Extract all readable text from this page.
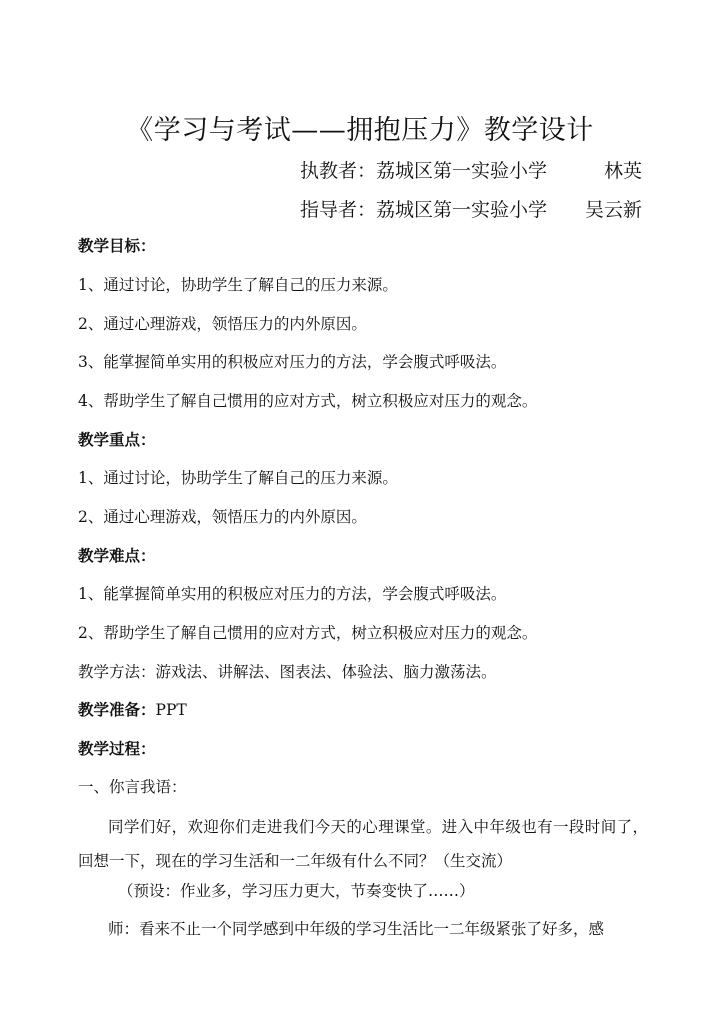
《学习与考试——拥抱压力》教学设计
执教者：荔城区第一实验小学	林英
指导者：荔城区第一实验小学 吴云新
教学目标：
1、通过讨论，协助学生了解自己的压力来源。
2、通过心理游戏，领悟压力的内外原因。
3、能掌握简单实用的积极应对压力的方法，学会腹式呼吸法。
4、帮助学生了解自己惯用的应对方式，树立积极应对压力的观念。
教学重点：
1、通过讨论，协助学生了解自己的压力来源。
2、通过心理游戏，领悟压力的内外原因。
教学难点：
1、能掌握简单实用的积极应对压力的方法，学会腹式呼吸法。
2、帮助学生了解自己惯用的应对方式，树立积极应对压力的观念。
教学方法：游戏法、讲解法、图表法、体验法、脑力激荡法。
教学准备：PPT
教学过程：
一、你言我语：
同学们好，欢迎你们走进我们今天的心理课堂。进入中年级也有一段时间了，回想一下，现在的学习生活和一二年级有什么不同？（生交流）
（预设：作业多，学习压力更大，节奏变快了……）
师：看来不止一个同学感到中年级的学习生活比一二年级紧张了好多，感
